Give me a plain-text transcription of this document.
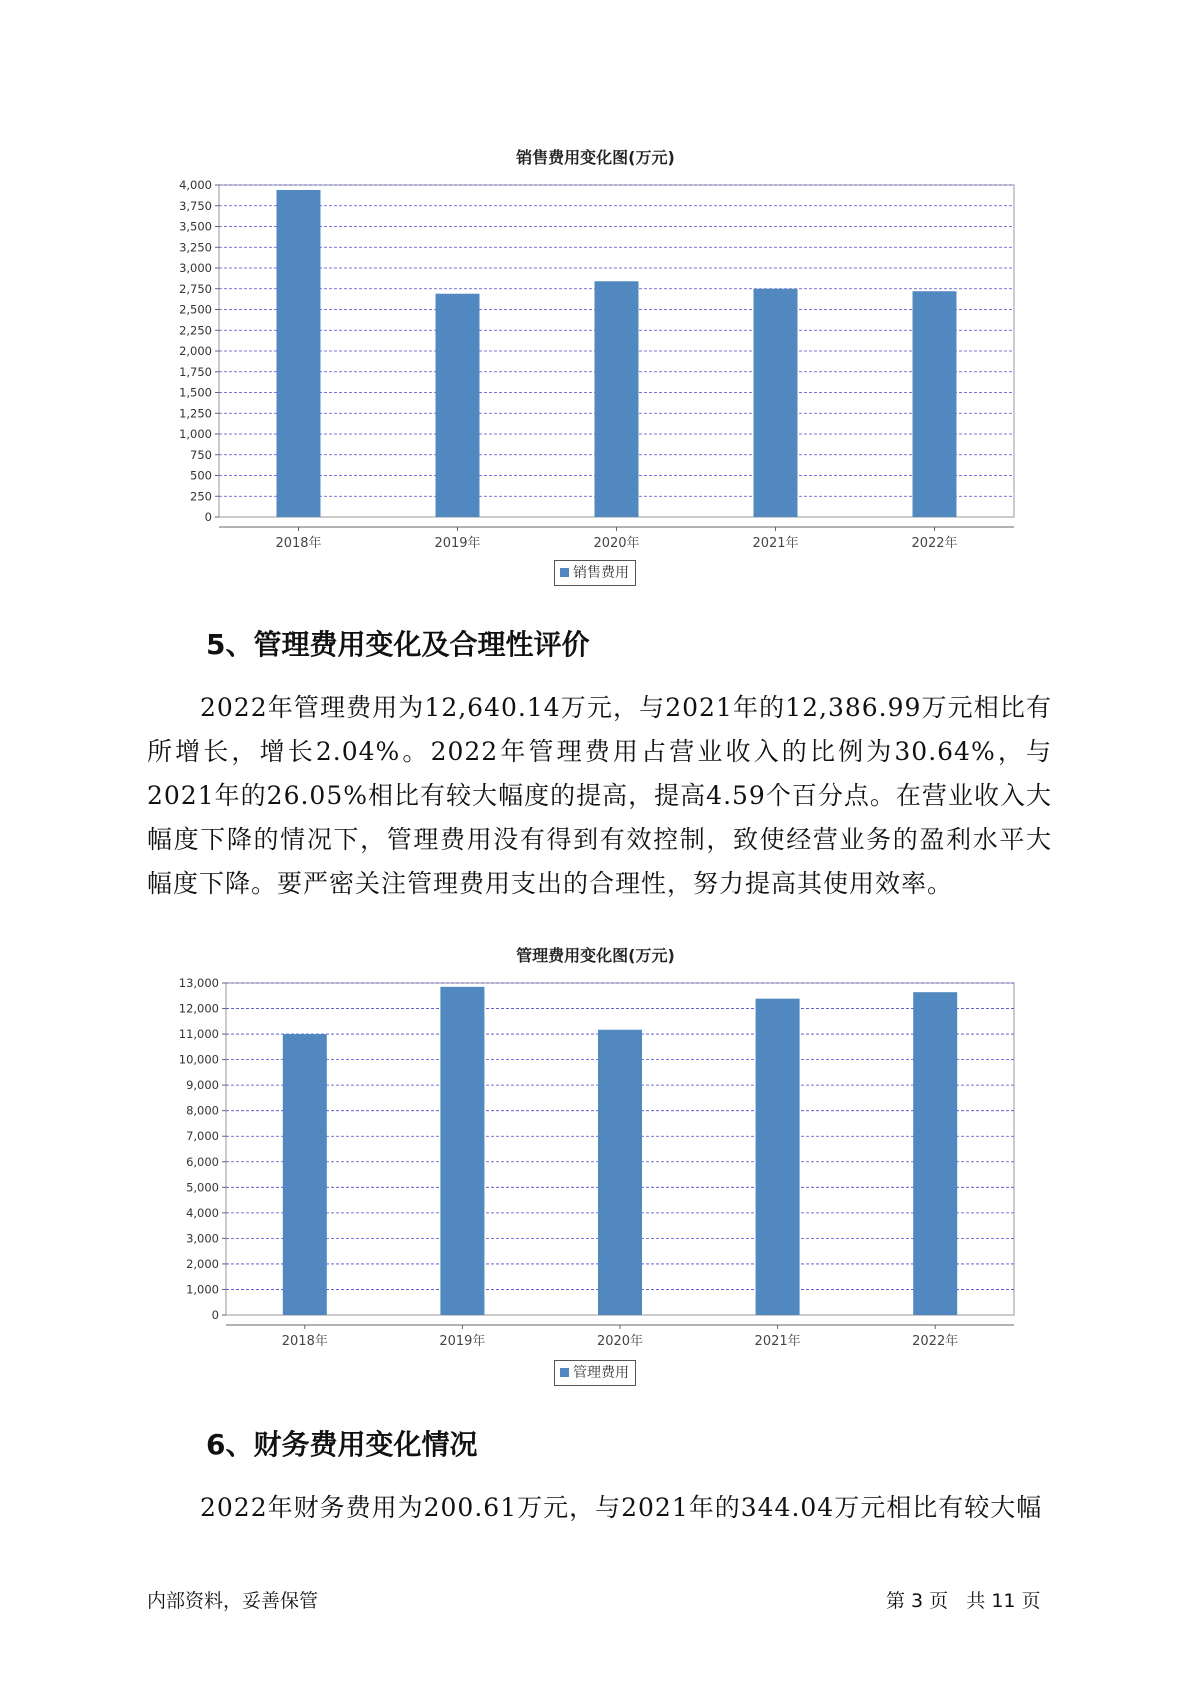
销售费用变化图(万元)
0
250
500
750
1,000
1,250
1,500
1,750
2,000
2,250
2,500
2,750
3,000
3,250
3,500
3,750
4,000
2018年	2019年	2020年	2021年	2022年
销售费用
5、管理费用变化及合理性评价

2022年管理费用为12,640.14万元，与2021年的12,386.99万元相比有所增长，增长2.04%。2022年管理费用占营业收入的比例为30.64%，与2021年的26.05%相比有较大幅度的提高，提高4.59个百分点。在营业收入大幅度下降的情况下，管理费用没有得到有效控制，致使经营业务的盈利水平大幅度下降。要严密关注管理费用支出的合理性，努力提高其使用效率。

管理费用变化图(万元)
0
1,000
2,000
3,000
4,000
5,000
6,000
7,000
8,000
9,000
10,000
11,000
12,000
13,000
2018年	2019年	2020年	2021年	2022年
管理费用
6、财务费用变化情况

2022年财务费用为200.61万元，与2021年的344.04万元相比有较大幅

内部资料，妥善保管	第 3 页   共 11 页
